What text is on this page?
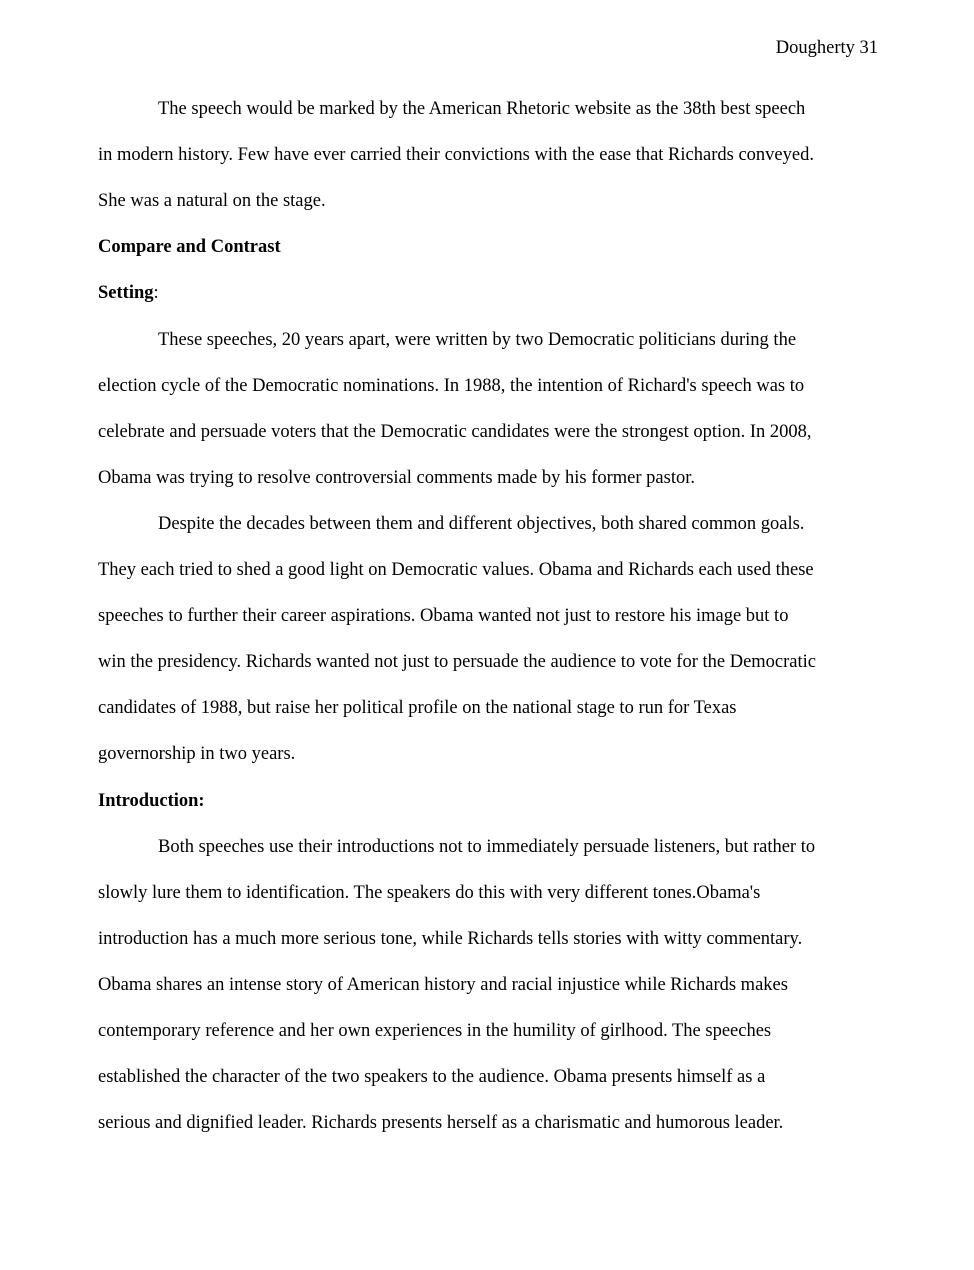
Dougherty 31
The speech would be marked by the American Rhetoric website as the 38th best speech
in modern history. Few have ever carried their convictions with the ease that Richards conveyed.
She was a natural on the stage.
Compare and Contrast
Setting:
These speeches, 20 years apart, were written by two Democratic politicians during the
election cycle of the Democratic nominations. In 1988, the intention of Richard's speech was to
celebrate and persuade voters that the Democratic candidates were the strongest option. In 2008,
Obama was trying to resolve controversial comments made by his former pastor.
Despite the decades between them and different objectives, both shared common goals.
They each tried to shed a good light on Democratic values. Obama and Richards each used these
speeches to further their career aspirations. Obama wanted not just to restore his image but to
win the presidency. Richards wanted not just to persuade the audience to vote for the Democratic
candidates of 1988, but raise her political profile on the national stage to run for Texas
governorship in two years.
Introduction:
Both speeches use their introductions not to immediately persuade listeners, but rather to
slowly lure them to identification. The speakers do this with very different tones.Obama's
introduction has a much more serious tone, while Richards tells stories with witty commentary.
Obama shares an intense story of American history and racial injustice while Richards makes
contemporary reference and her own experiences in the humility of girlhood. The speeches
established the character of the two speakers to the audience. Obama presents himself as a
serious and dignified leader. Richards presents herself as a charismatic and humorous leader.
